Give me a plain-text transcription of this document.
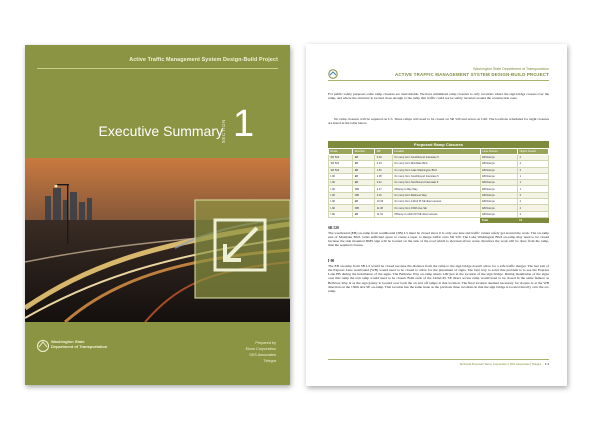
Active Traffic Management System Design-Build Project
SECTION
Executive Summary 1
Washington State
Department of Transportation
Prepared by
Elcon Corporation
SKS Associates
Telegra
Washington State Department of Transportation
ACTIVE TRAFFIC MANAGEMENT SYSTEM DESIGN-BUILD PROJECT
For public safety purposes some ramp closures are unavoidable. We have minimized ramp closures to only locations where the sign bridge crosses over the ramp, and where the structure is located close enough to the ramp that traffic could not be safely rerouted around the construction zone.
No ramp closures will be required on I-5. Three ramps will need to be closed on SR 520 and seven on I-90. The locations scheduled for night closures are listed in the table below.
Proposed Ramp Closures
Route	Direction	MP	Location	Lane Closure	Nights Closed
SR 520	EB	0.16	On ramp from Southbound Interstate 5	EB Ramps	2
SR 520	EB	0.23	On ramp from Montlake Blvd	EB Ramps	2
SR 520	EB	1.61	On ramp from Lake Washington Blvd	EB Ramps	2
I-90	EB	2.05	On ramp from Southbound Interstate 5	EB Ramps	1
I-90	EB	2.41	On ramp from Northbound Interstate 5	EB Ramps	1
I-90	WB	3.17	Offramp to Bay Way	EB Ramps	1
I-90	WB	4.01	On ramp from Bellevue Way	EB Ramps	2
I-90	EB	10.39	On ramp from 142nd Pl SE direct access	EB Ramps	2
I-90	WB	11.38	On ramp from 150th Ave SE	EB Ramps	2
I-90	EB	11.31	Offramp to 142nd Pl SE direct access	EB Ramps	2
				Total	16
SR 520
The westbound (EB) on-ramp from southbound (SB) I-5 must be closed since it is only one lane and traffic cannot safely get around the work. The on-ramp east of Montlake Blvd. lacks sufficient space to create a taper to merge traffic onto SR 520. The Lake Washington Blvd on-ramp may need to be closed because the side mounted DMS sign will be located on the side of the road which is elevated above water, therefore the work will be done from the ramp, thus the required closure.
I-90
The EB on-ramp from SB I-5 would be closed because the distance from the ramp to the sign bridge doesn't allow for a safe traffic merger. The last exit of the Express Lane westbound (WB) would need to be closed to allow for the placement of signs. The best way to solve this problem is to use the Express Lane EB during the installation of the signs. The Bellevue Way on-ramp meets I-90 just at the location of the sign bridge. During installation of the signs over this ramp the exit ramp would need to be closed. Both ends of the 142nd PL SE direct access ramp would need to be closed in the same fashion as Bellevue Way is as the sign gantry is located over both the on and off ramps at that location. The final location deemed necessary for closure is at the WB direction on the 150th Ave SE on-ramp. This location has the same issue as the previous three locations in that the sign bridge is located directly over the on-ramp.
Technical Proposal | Elcon Corporation | SKS Associates | Telegra 1-4
